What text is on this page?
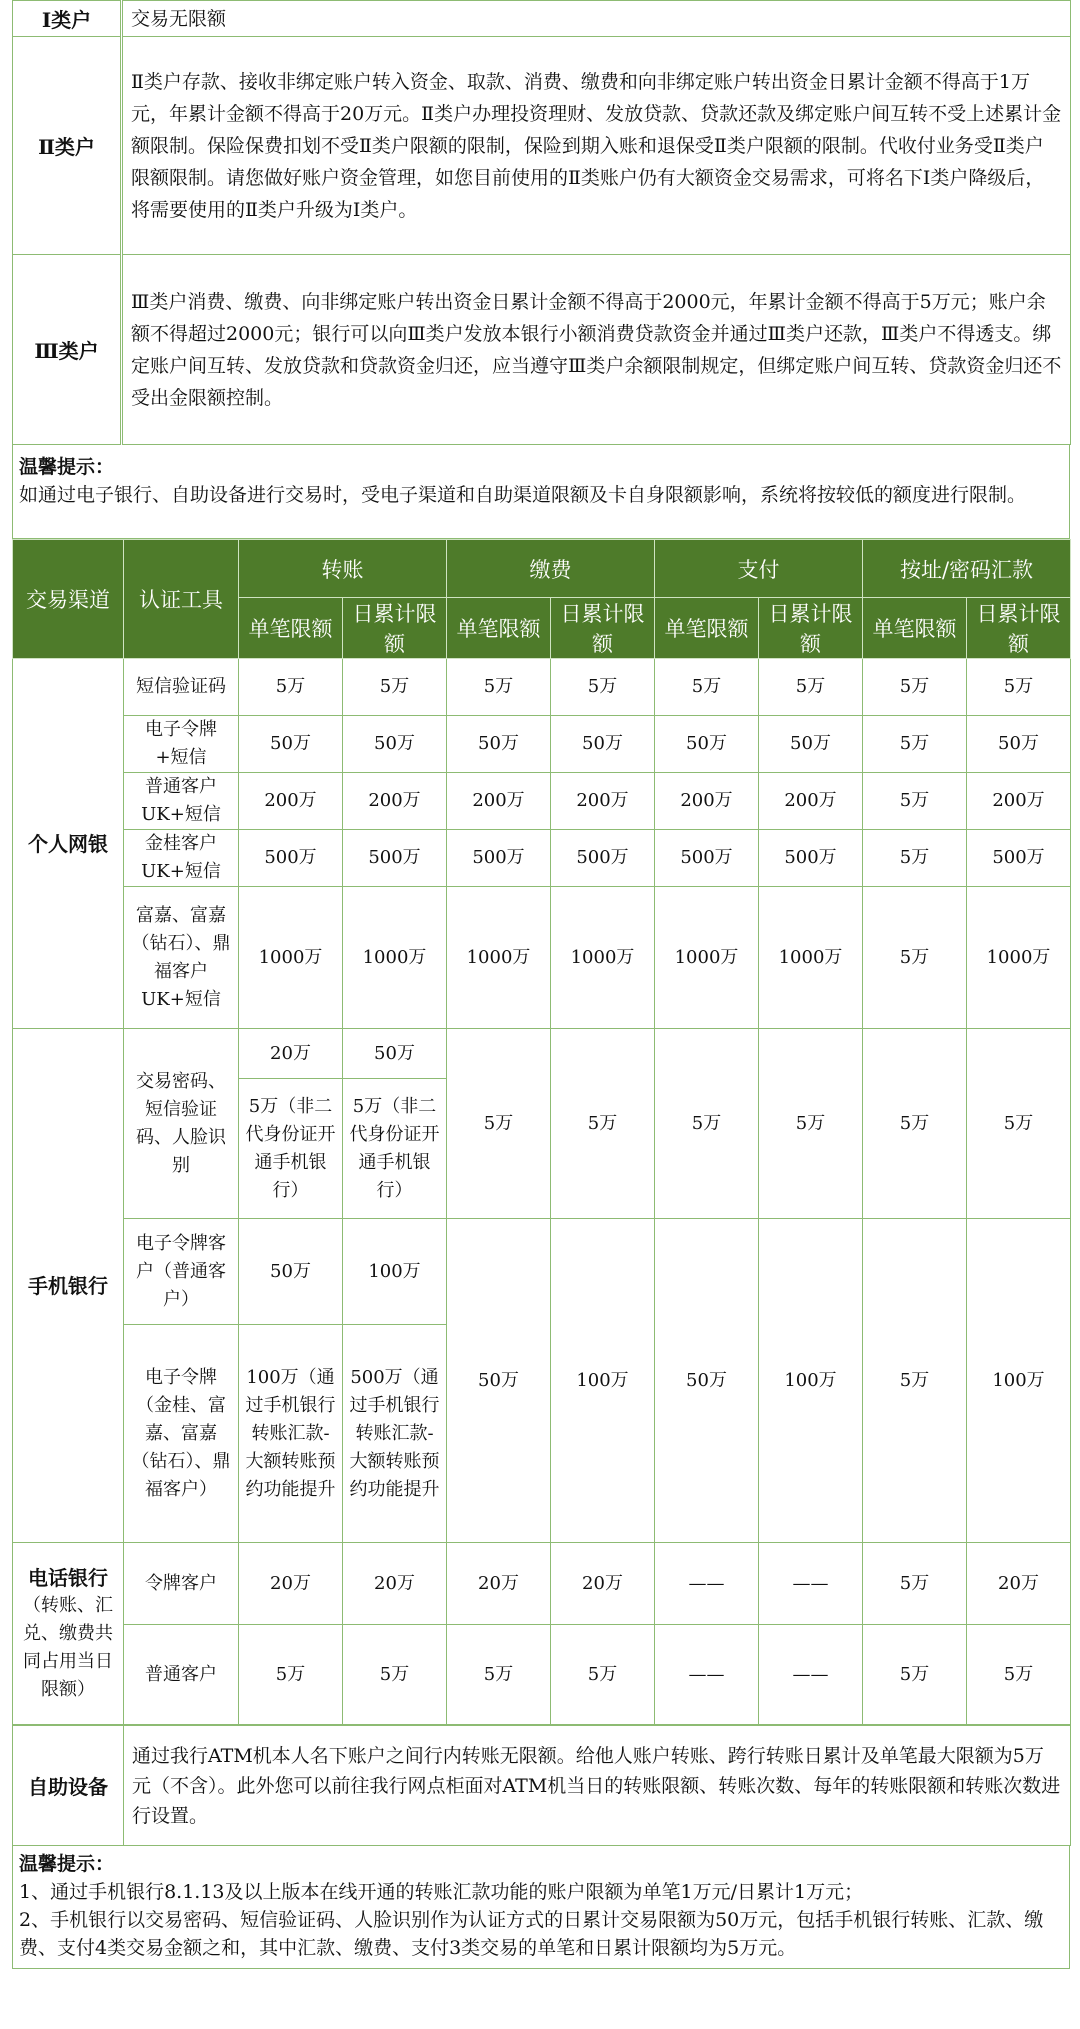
Ⅰ类户	交易无限额
Ⅱ类户	Ⅱ类户存款、接收非绑定账户转入资金、取款、消费、缴费和向非绑定账户转出资金日累计金额不得高于1万元，年累计金额不得高于20万元。Ⅱ类户办理投资理财、发放贷款、贷款还款及绑定账户间互转不受上述累计金额限制。保险保费扣划不受Ⅱ类户限额的限制，保险到期入账和退保受Ⅱ类户限额的限制。代收付业务受Ⅱ类户限额限制。请您做好账户资金管理，如您目前使用的Ⅱ类账户仍有大额资金交易需求，可将名下Ⅰ类户降级后，将需要使用的Ⅱ类户升级为Ⅰ类户。
Ⅲ类户	Ⅲ类户消费、缴费、向非绑定账户转出资金日累计金额不得高于2000元，年累计金额不得高于5万元；账户余额不得超过2000元；银行可以向Ⅲ类户发放本银行小额消费贷款资金并通过Ⅲ类户还款，Ⅲ类户不得透支。绑定账户间互转、发放贷款和贷款资金归还，应当遵守Ⅲ类户余额限制规定，但绑定账户间互转、贷款资金归还不受出金限额控制。
温馨提示：
如通过电子银行、自助设备进行交易时，受电子渠道和自助渠道限额及卡自身限额影响，系统将按较低的额度进行限制。
交易渠道	认证工具	转账		缴费		支付		按址/密码汇款	
		单笔限额	日累计限额	单笔限额	日累计限额	单笔限额	日累计限额	单笔限额	日累计限额
个人网银	短信验证码	5万	5万	5万	5万	5万	5万	5万	5万
	电子令牌+短信	50万	50万	50万	50万	50万	50万	5万	50万
	普通客户UK+短信	200万	200万	200万	200万	200万	200万	5万	200万
	金桂客户UK+短信	500万	500万	500万	500万	500万	500万	5万	500万
	富嘉、富嘉（钻石）、鼎福客户UK+短信	1000万	1000万	1000万	1000万	1000万	1000万	5万	1000万
手机银行	交易密码、短信验证码、人脸识别	20万	50万	5万	5万	5万	5万	5万	5万
		5万（非二代身份证开通手机银行）	5万（非二代身份证开通手机银行）						
	电子令牌客户（普通客户）	50万	100万	50万	100万	50万	100万	5万	100万
	电子令牌（金桂、富嘉、富嘉（钻石）、鼎福客户）	100万（通过手机银行转账汇款-大额转账预约功能提升	500万（通过手机银行转账汇款-大额转账预约功能提升						

电话银行
（转账、汇兑、缴费共同占用当日限额）	令牌客户	20万	20万	20万	20万	——	——	5万	20万
	普通客户	5万	5万	5万	5万	——	——	5万	5万
自助设备	通过我行ATM机本人名下账户之间行内转账无限额。给他人账户转账、跨行转账日累计及单笔最大限额为5万元（不含）。此外您可以前往我行网点柜面对ATM机当日的转账限额、转账次数、每年的转账限额和转账次数进行设置。
温馨提示：
1、通过手机银行8.1.13及以上版本在线开通的转账汇款功能的账户限额为单笔1万元/日累计1万元；
2、手机银行以交易密码、短信验证码、人脸识别作为认证方式的日累计交易限额为50万元，包括手机银行转账、汇款、缴费、支付4类交易金额之和，其中汇款、缴费、支付3类交易的单笔和日累计限额均为5万元。
